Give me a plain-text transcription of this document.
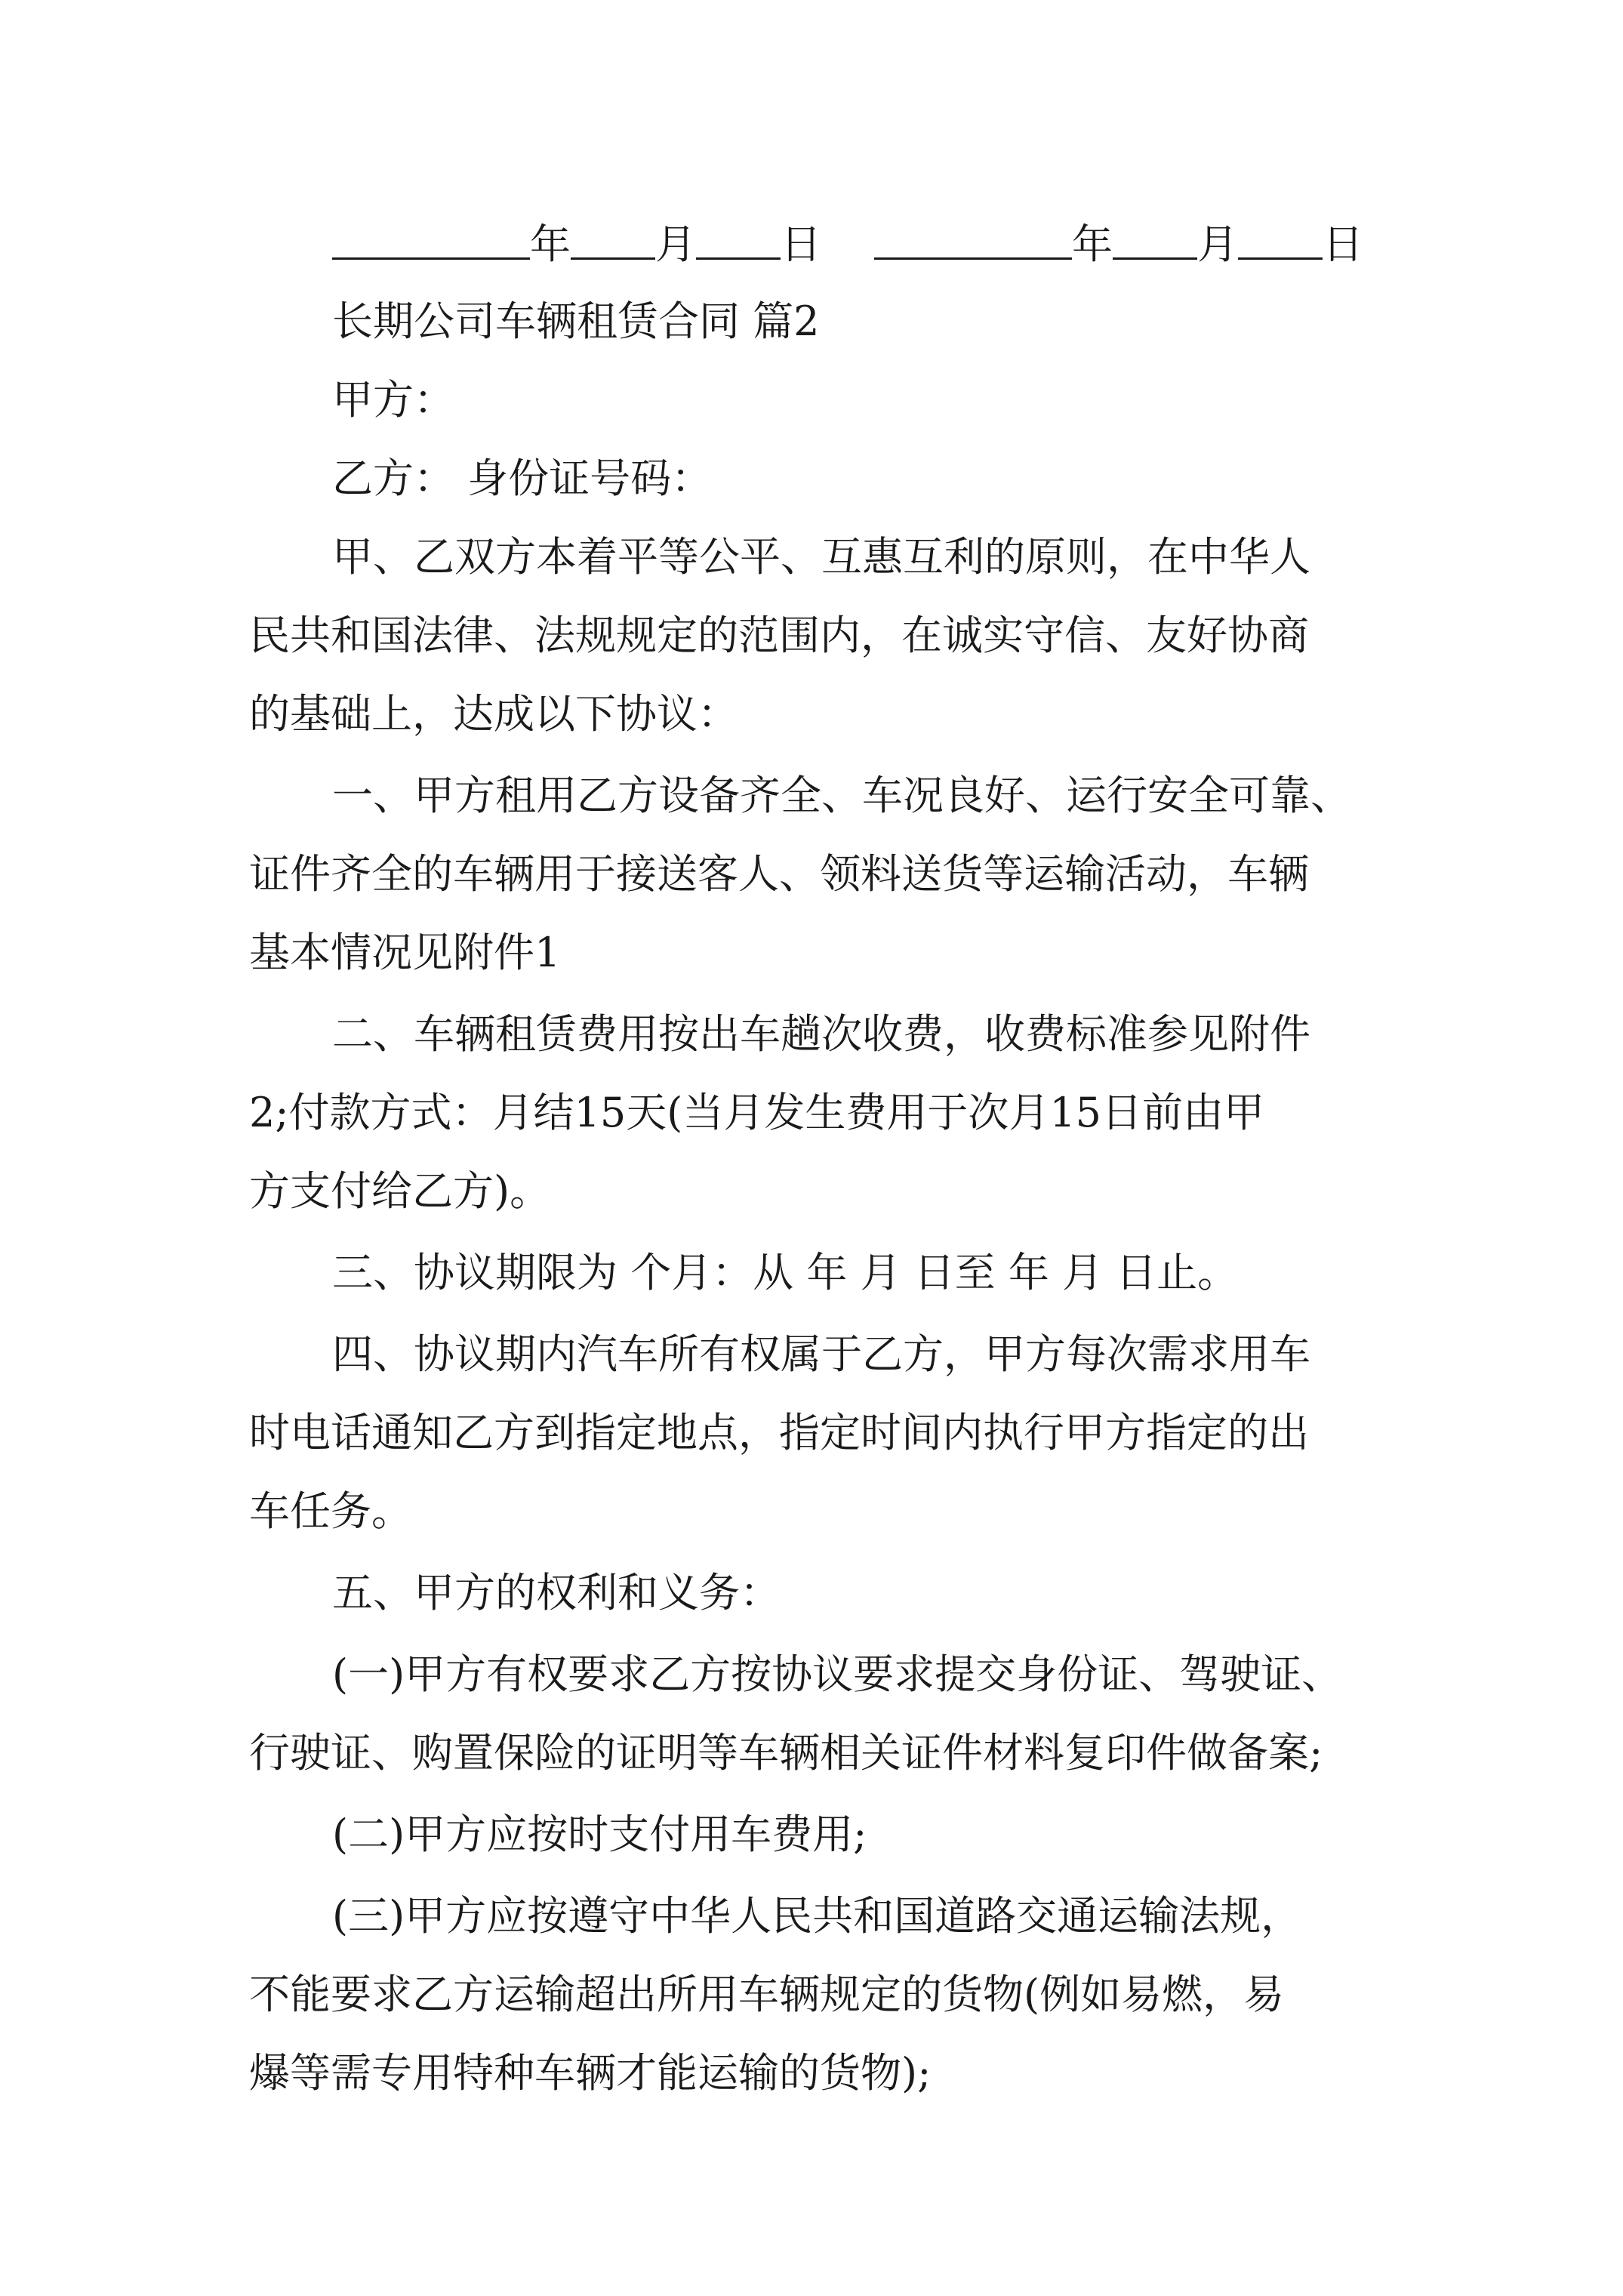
年 月 日	年 月 日
长期公司车辆租赁合同 篇2
甲方：
乙方： 身份证号码：
甲、乙双方本着平等公平、互惠互利的原则，在中华人
民共和国法律、法规规定的范围内，在诚实守信、友好协商
的基础上，达成以下协议：
一、甲方租用乙方设备齐全、车况良好、运行安全可靠、
证件齐全的车辆用于接送客人、领料送货等运输活动，车辆
基本情况见附件1
二、车辆租赁费用按出车趟次收费，收费标准参见附件
2;付款方式：月结15天(当月发生费用于次月15日前由甲
方支付给乙方)。
三、协议期限为 个月：从 年 月 日至 年 月 日止。
四、协议期内汽车所有权属于乙方，甲方每次需求用车
时电话通知乙方到指定地点，指定时间内执行甲方指定的出
车任务。
五、甲方的权利和义务：
(一)甲方有权要求乙方按协议要求提交身份证、驾驶证、
行驶证、购置保险的证明等车辆相关证件材料复印件做备案;
(二)甲方应按时支付用车费用;
(三)甲方应按遵守中华人民共和国道路交通运输法规，
不能要求乙方运输超出所用车辆规定的货物(例如易燃，易
爆等需专用特种车辆才能运输的货物);
